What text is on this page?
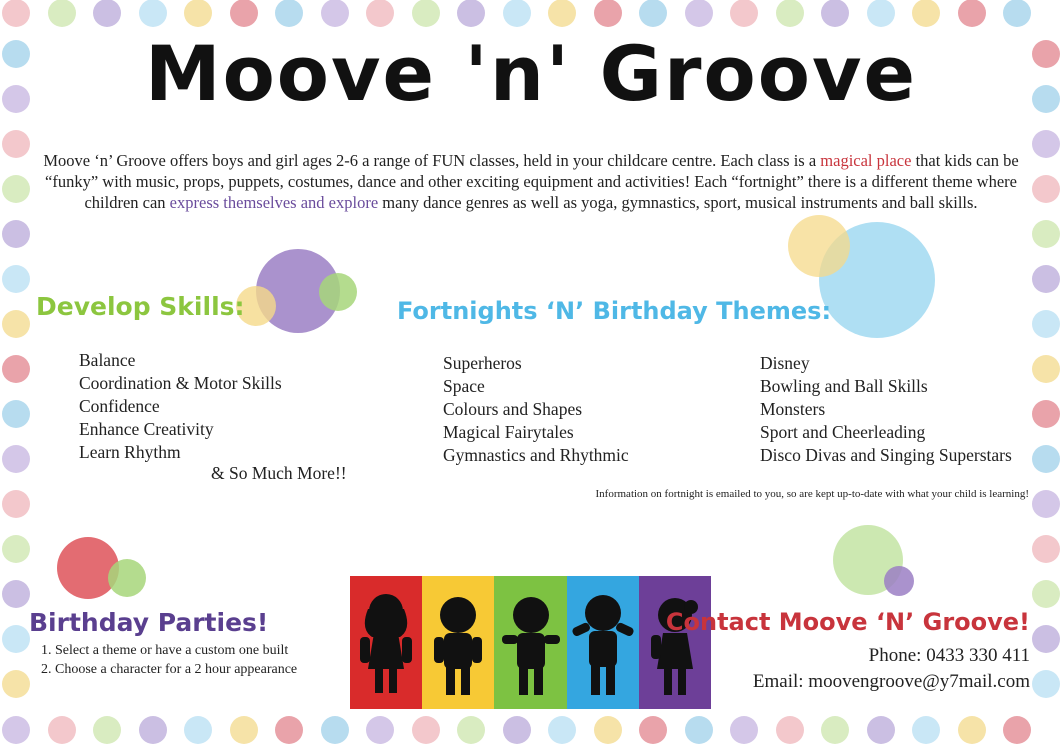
Moove 'n' Groove

Moove ‘n’ Groove offers boys and girl ages 2-6 a range of FUN classes, held in your childcare centre. Each class is a magical place that kids can be “funky” with music, props, puppets, costumes, dance and other exciting equipment and activities! Each “fortnight” there is a different theme where children can express themselves and explore many dance genres as well as yoga, gymnastics, sport, musical instruments and ball skills.

Develop Skills:
Balance
Coordination & Motor Skills
Confidence
Enhance Creativity
Learn Rhythm
& So Much More!!
Fortnights ‘N’ Birthday Themes:
Superheros
Space
Colours and Shapes
Magical Fairytales
Gymnastics and Rhythmic
Disney
Bowling and Ball Skills
Monsters
Sport and Cheerleading
Disco Divas and Singing Superstars
Information on fortnight is emailed to you, so are kept up-to-date with what your child is learning!
Birthday Parties!
1. Select a theme or have a custom one built
2. Choose a character for a 2 hour appearance
Contact Moove ‘N’ Groove!
Phone: 0433 330 411
Email: moovengroove@y7mail.com
